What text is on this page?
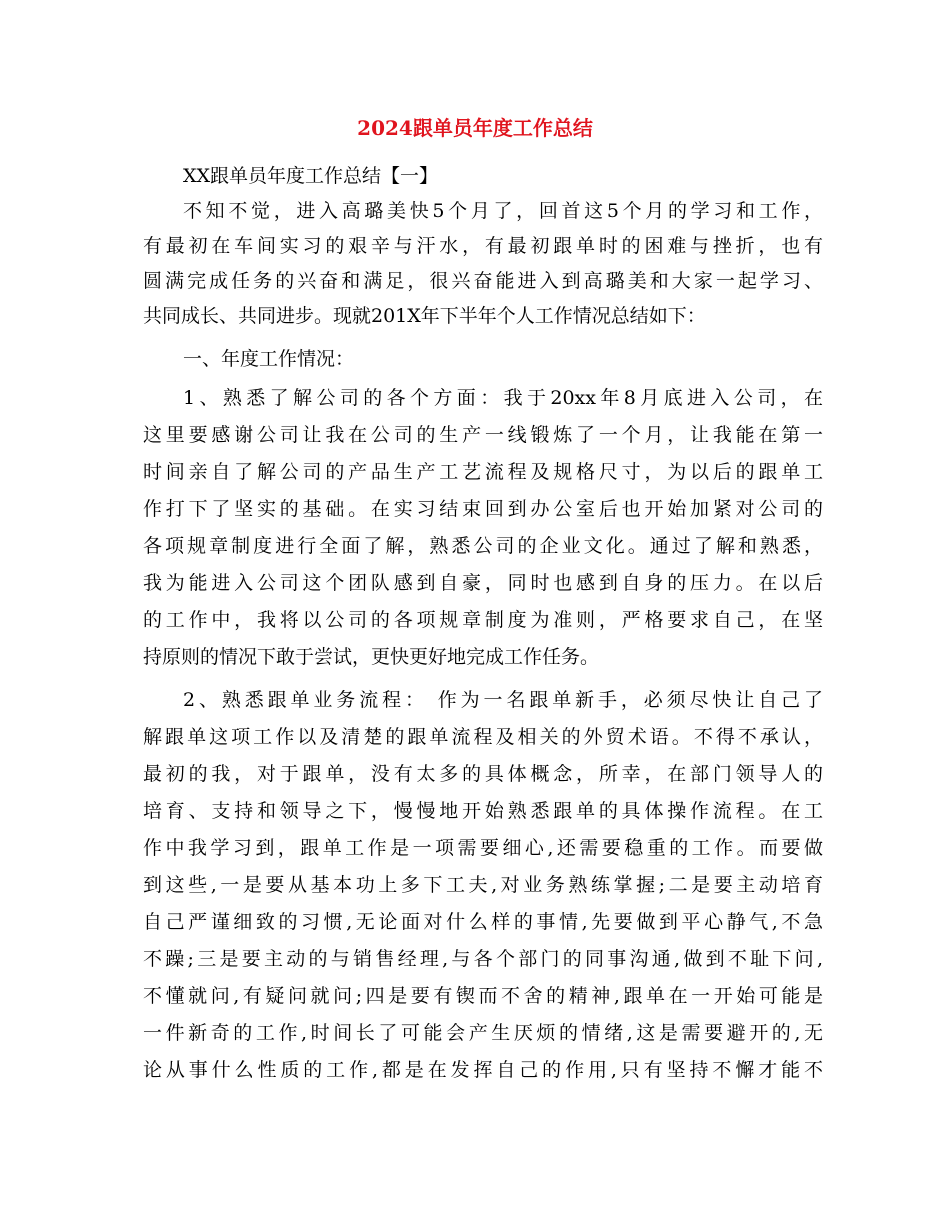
2024跟单员年度工作总结
XX跟单员年度工作总结【一】
不知不觉，进入高璐美快5个月了，回首这5个月的学习和工作，
有最初在车间实习的艰辛与汗水，有最初跟单时的困难与挫折，也有
圆满完成任务的兴奋和满足，很兴奋能进入到高璐美和大家一起学习、
共同成长、共同进步。现就201X年下半年个人工作情况总结如下：
一、年度工作情况：
1、熟悉了解公司的各个方面：我于20xx年8月底进入公司，在
这里要感谢公司让我在公司的生产一线锻炼了一个月，让我能在第一
时间亲自了解公司的产品生产工艺流程及规格尺寸，为以后的跟单工
作打下了坚实的基础。在实习结束回到办公室后也开始加紧对公司的
各项规章制度进行全面了解，熟悉公司的企业文化。通过了解和熟悉，
我为能进入公司这个团队感到自豪，同时也感到自身的压力。在以后
的工作中，我将以公司的各项规章制度为准则，严格要求自己，在坚
持原则的情况下敢于尝试，更快更好地完成工作任务。
2、熟悉跟单业务流程： 作为一名跟单新手，必须尽快让自己了
解跟单这项工作以及清楚的跟单流程及相关的外贸术语。不得不承认，
最初的我，对于跟单，没有太多的具体概念，所幸，在部门领导人的
培育、支持和领导之下，慢慢地开始熟悉跟单的具体操作流程。在工
作中我学习到，跟单工作是一项需要细心,还需要稳重的工作。而要做
到这些,一是要从基本功上多下工夫,对业务熟练掌握;二是要主动培育
自己严谨细致的习惯,无论面对什么样的事情,先要做到平心静气,不急
不躁;三是要主动的与销售经理,与各个部门的同事沟通,做到不耻下问,
不懂就问,有疑问就问;四是要有锲而不舍的精神,跟单在一开始可能是
一件新奇的工作,时间长了可能会产生厌烦的情绪,这是需要避开的,无
论从事什么性质的工作,都是在发挥自己的作用,只有坚持不懈才能不
